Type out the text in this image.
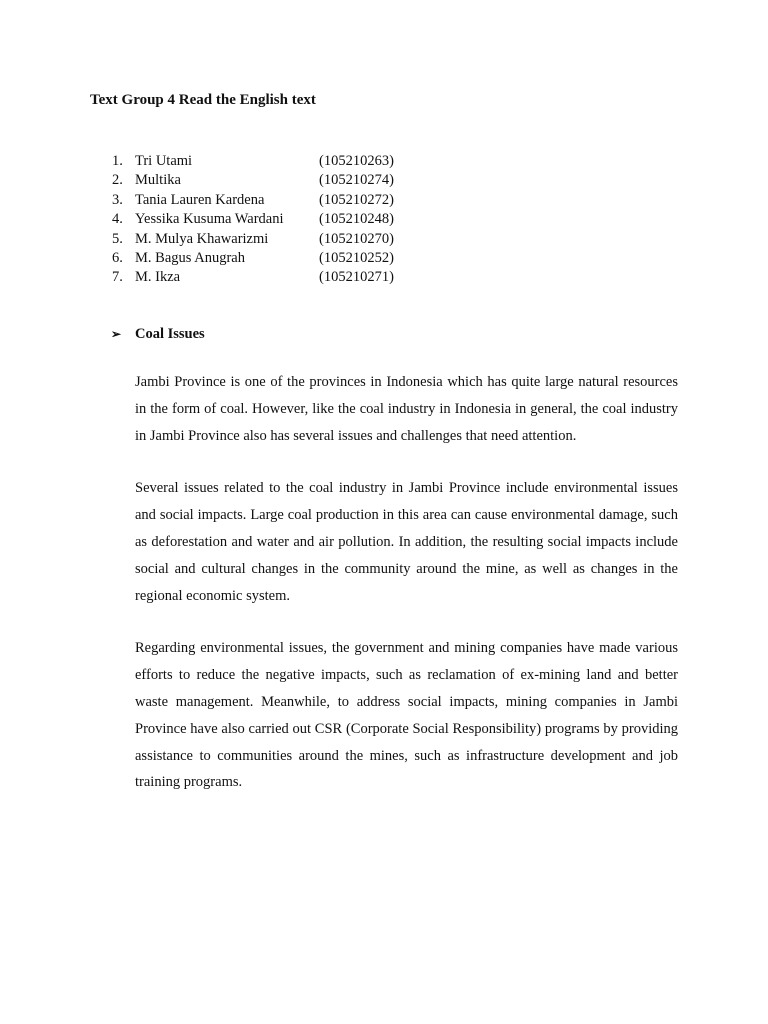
Text Group 4 Read the English text
1. Tri Utami	(105210263)
2. Multika	(105210274)
3. Tania Lauren Kardena	(105210272)
4. Yessika Kusuma Wardani (105210248)
5. M. Mulya Khawarizmi	(105210270)
6. M. Bagus Anugrah	(105210252)
7. M. Ikza	(105210271)
➢ Coal Issues

Jambi Province is one of the provinces in Indonesia which has quite large natural resources in the form of coal. However, like the coal industry in Indonesia in general, the coal industry in Jambi Province also has several issues and challenges that need attention.

Several issues related to the coal industry in Jambi Province include environmental issues and social impacts. Large coal production in this area can cause environmental damage, such as deforestation and water and air pollution. In addition, the resulting social impacts include social and cultural changes in the community around the mine, as well as changes in the regional economic system.

Regarding environmental issues, the government and mining companies have made various efforts to reduce the negative impacts, such as reclamation of ex-mining land and better waste management. Meanwhile, to address social impacts, mining companies in Jambi Province have also carried out CSR (Corporate Social Responsibility) programs by providing assistance to communities around the mines, such as infrastructure development and job training programs.
